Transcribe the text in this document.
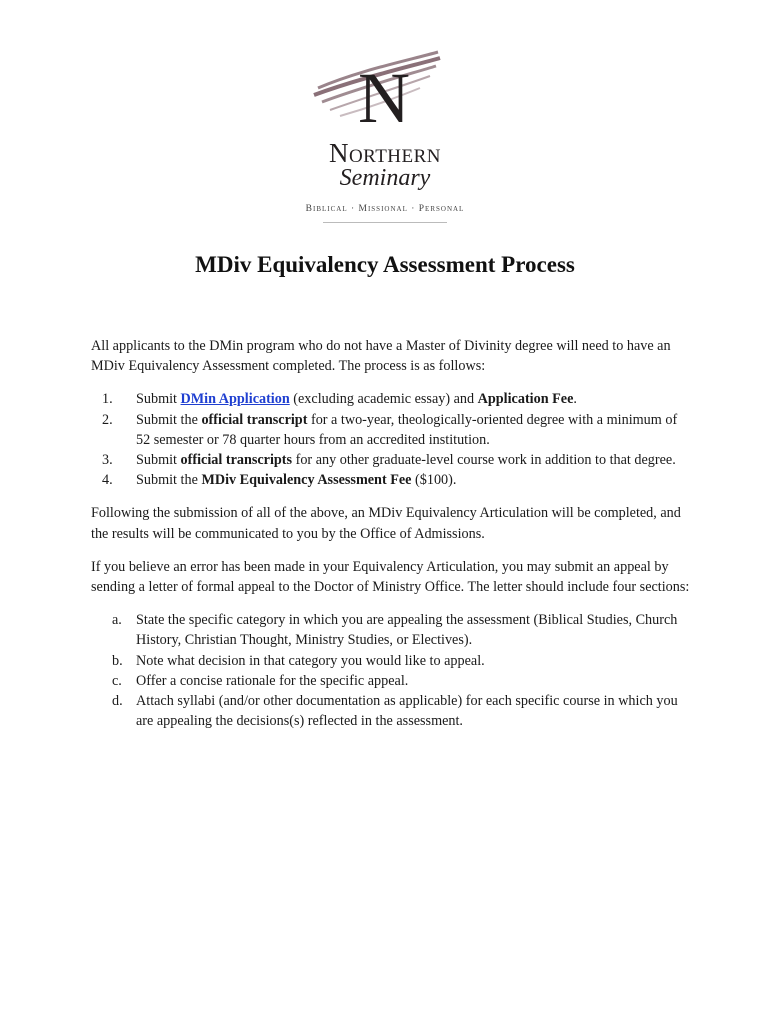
N
Northern
Seminary
Biblical · Missional · Personal
MDiv Equivalency Assessment Process

All applicants to the DMin program who do not have a Master of Divinity degree will need to have an MDiv Equivalency Assessment completed. The process is as follows:

1.	Submit DMin Application (excluding academic essay) and Application Fee.
2.	Submit the official transcript for a two-year, theologically-oriented degree with a minimum of 52 semester or 78 quarter hours from an accredited institution.
3.	Submit official transcripts for any other graduate-level course work in addition to that degree.
4.	Submit the MDiv Equivalency Assessment Fee ($100).

Following the submission of all of the above, an MDiv Equivalency Articulation will be completed, and the results will be communicated to you by the Office of Admissions.

If you believe an error has been made in your Equivalency Articulation, you may submit an appeal by sending a letter of formal appeal to the Doctor of Ministry Office. The letter should include four sections:

a. State the specific category in which you are appealing the assessment (Biblical Studies, Church History, Christian Thought, Ministry Studies, or Electives).
b. Note what decision in that category you would like to appeal.
c. Offer a concise rationale for the specific appeal.
d. Attach syllabi (and/or other documentation as applicable) for each specific course in which you are appealing the decisions(s) reflected in the assessment.
